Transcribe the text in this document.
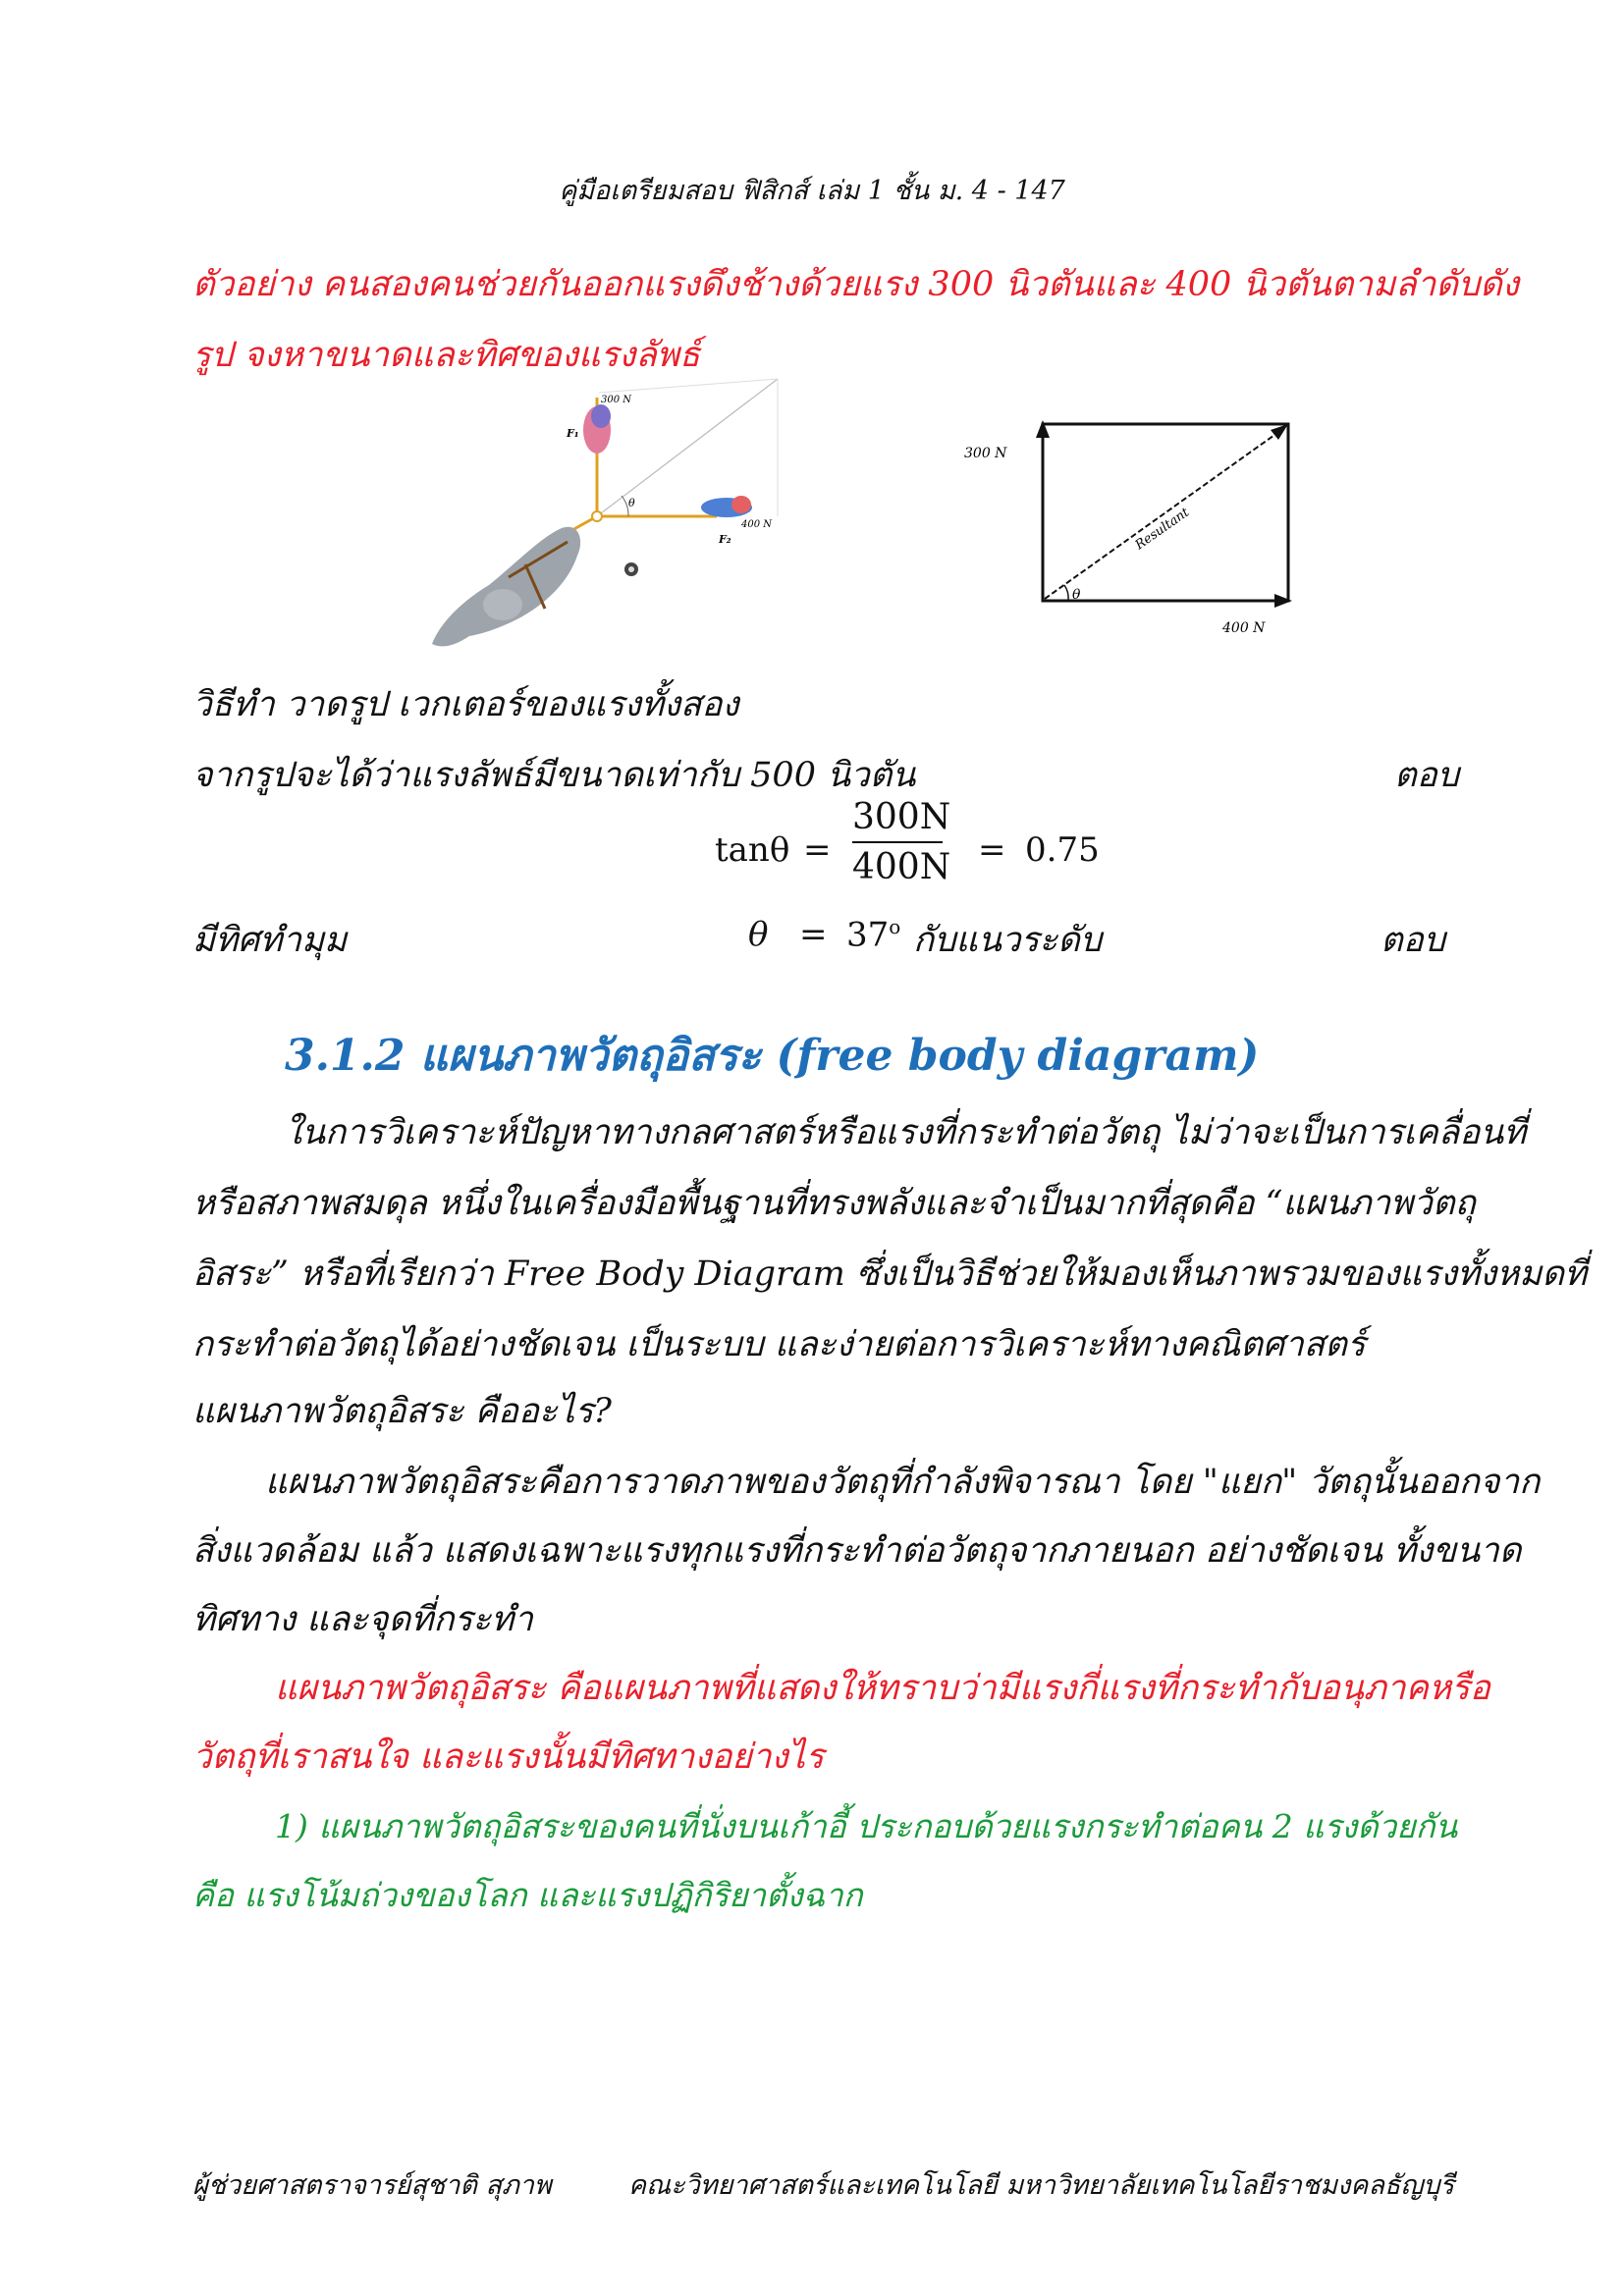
คู่มือเตรียมสอบ ฟิสิกส์ เล่ม 1 ชั้น ม. 4 - 147
ตัวอย่าง คนสองคนช่วยกันออกแรงดึงช้างด้วยแรง 300 นิวตันและ 400 นิวตันตามลำดับดัง
รูป จงหาขนาดและทิศของแรงลัพธ์
θ
300 N
400 N
F₁
F₂	Resultant
θ
300 N
400 N
วิธีทำ วาดรูป เวกเตอร์ของแรงทั้งสอง
จากรูปจะได้ว่าแรงลัพธ์มีขนาดเท่ากับ 500 นิวตัน	ตอบ
$\tan\theta = \frac{300N}{400N} = 0.75$
มีทิศทำมุม	$\theta = 37^o$ กับแนวระดับ	ตอบ
3.1.2 แผนภาพวัตถุอิสระ (free body diagram)
ในการวิเคราะห์ปัญหาทางกลศาสตร์หรือแรงที่กระทำต่อวัตถุ ไม่ว่าจะเป็นการเคลื่อนที่
หรือสภาพสมดุล หนึ่งในเครื่องมือพื้นฐานที่ทรงพลังและจำเป็นมากที่สุดคือ “แผนภาพวัตถุ
อิสระ” หรือที่เรียกว่า Free Body Diagram ซึ่งเป็นวิธีช่วยให้มองเห็นภาพรวมของแรงทั้งหมดที่
กระทำต่อวัตถุได้อย่างชัดเจน เป็นระบบ และง่ายต่อการวิเคราะห์ทางคณิตศาสตร์
แผนภาพวัตถุอิสระ คืออะไร?
แผนภาพวัตถุอิสระคือการวาดภาพของวัตถุที่กำลังพิจารณา โดย "แยก" วัตถุนั้นออกจาก
สิ่งแวดล้อม แล้ว แสดงเฉพาะแรงทุกแรงที่กระทำต่อวัตถุจากภายนอก อย่างชัดเจน ทั้งขนาด
ทิศทาง และจุดที่กระทำ
แผนภาพวัตถุอิสระ คือแผนภาพที่แสดงให้ทราบว่ามีแรงกี่แรงที่กระทำกับอนุภาคหรือ
วัตถุที่เราสนใจ และแรงนั้นมีทิศทางอย่างไร
1) แผนภาพวัตถุอิสระของคนที่นั่งบนเก้าอี้ ประกอบด้วยแรงกระทำต่อคน 2 แรงด้วยกัน
คือ แรงโน้มถ่วงของโลก และแรงปฏิกิริยาตั้งฉาก
ผู้ช่วยศาสตราจารย์สุชาติ สุภาพ	คณะวิทยาศาสตร์และเทคโนโลยี มหาวิทยาลัยเทคโนโลยีราชมงคลธัญบุรี
